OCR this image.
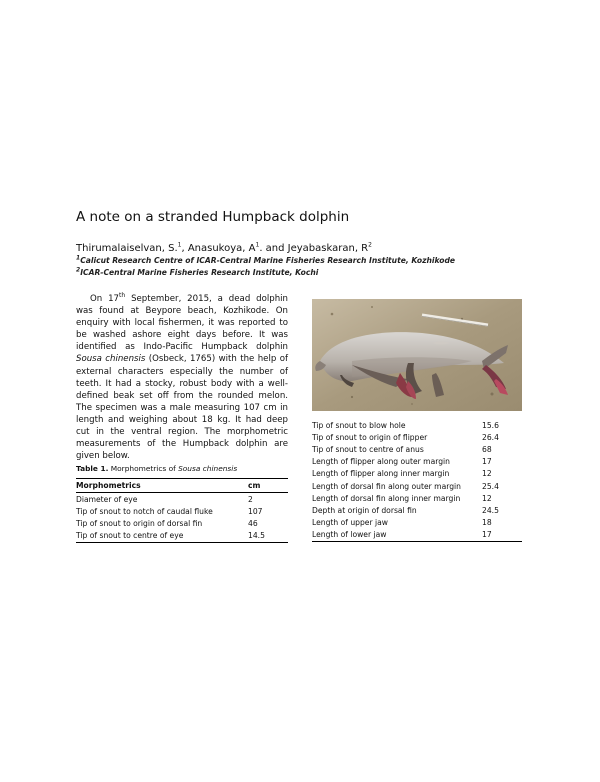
A note on a stranded Humpback dolphin
Thirumalaiselvan, S.$^1$, Anasukoya, $A^1$. and Jeyabaskaran, $R^2$
$^1$Calicut Research Centre of ICAR-Central Marine Fisheries Research Institute, Kozhikode
$^2$ICAR-Central Marine Fisheries Research Institute, Kochi

On 17th September, 2015, a dead dolphin was found at Beypore beach, Kozhikode. On enquiry with local fishermen, it was reported to be washed ashore eight days before. It was identified as Indo-Pacific Humpback dolphin Sousa chinensis (Osbeck, 1765) with the help of external characters especially the number of teeth. It had a stocky, robust body with a well-defined beak set off from the rounded melon. The specimen was a male measuring 107 cm in length and weighing about 18 kg. It had deep cut in the ventral region. The morphometric measurements of the Humpback dolphin are given below.

Table 1. Morphometrics of Sousa chinensis
Morphometrics	cm
Diameter of eye	2
Tip of snout to notch of caudal fluke	107
Tip of snout to origin of dorsal fin	46
Tip of snout to centre of eye	14.5
Tip of snout to blow hole	15.6
Tip of snout to origin of flipper	26.4
Tip of snout to centre of anus	68
Length of flipper along outer margin	17
Length of flipper along inner margin	12
Length of dorsal fin along outer margin	25.4
Length of dorsal fin along inner margin	12
Depth at origin of dorsal fin	24.5
Length of upper jaw	18
Length of lower jaw	17
